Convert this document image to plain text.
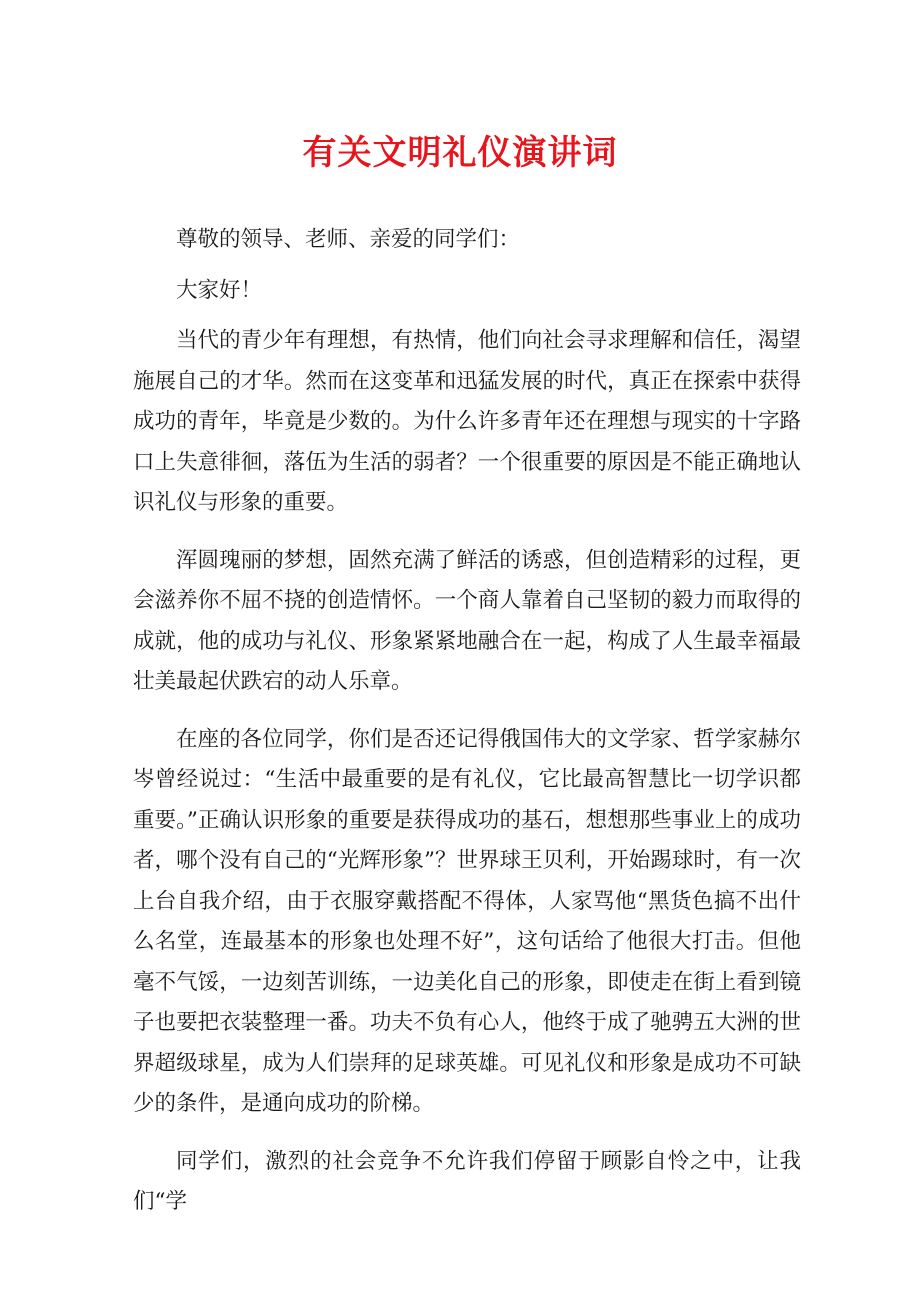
有关文明礼仪演讲词

尊敬的领导、老师、亲爱的同学们：

大家好！

当代的青少年有理想，有热情，他们向社会寻求理解和信任，渴望施展自己的才华。然而在这变革和迅猛发展的时代，真正在探索中获得成功的青年，毕竟是少数的。为什么许多青年还在理想与现实的十字路口上失意徘徊，落伍为生活的弱者？一个很重要的原因是不能正确地认识礼仪与形象的重要。

浑圆瑰丽的梦想，固然充满了鲜活的诱惑，但创造精彩的过程，更会滋养你不屈不挠的创造情怀。一个商人靠着自己坚韧的毅力而取得的成就，他的成功与礼仪、形象紧紧地融合在一起，构成了人生最幸福最壮美最起伏跌宕的动人乐章。

在座的各位同学，你们是否还记得俄国伟大的文学家、哲学家赫尔岑曾经说过：“生活中最重要的是有礼仪，它比最高智慧比一切学识都重要。”正确认识形象的重要是获得成功的基石，想想那些事业上的成功者，哪个没有自己的“光辉形象”？世界球王贝利，开始踢球时，有一次上台自我介绍，由于衣服穿戴搭配不得体，人家骂他“黑货色搞不出什么名堂，连最基本的形象也处理不好”，这句话给了他很大打击。但他毫不气馁，一边刻苦训练，一边美化自己的形象，即使走在街上看到镜子也要把衣装整理一番。功夫不负有心人，他终于成了驰骋五大洲的世界超级球星，成为人们崇拜的足球英雄。可见礼仪和形象是成功不可缺少的条件，是通向成功的阶梯。

同学们，激烈的社会竞争不允许我们停留于顾影自怜之中，让我们“学
